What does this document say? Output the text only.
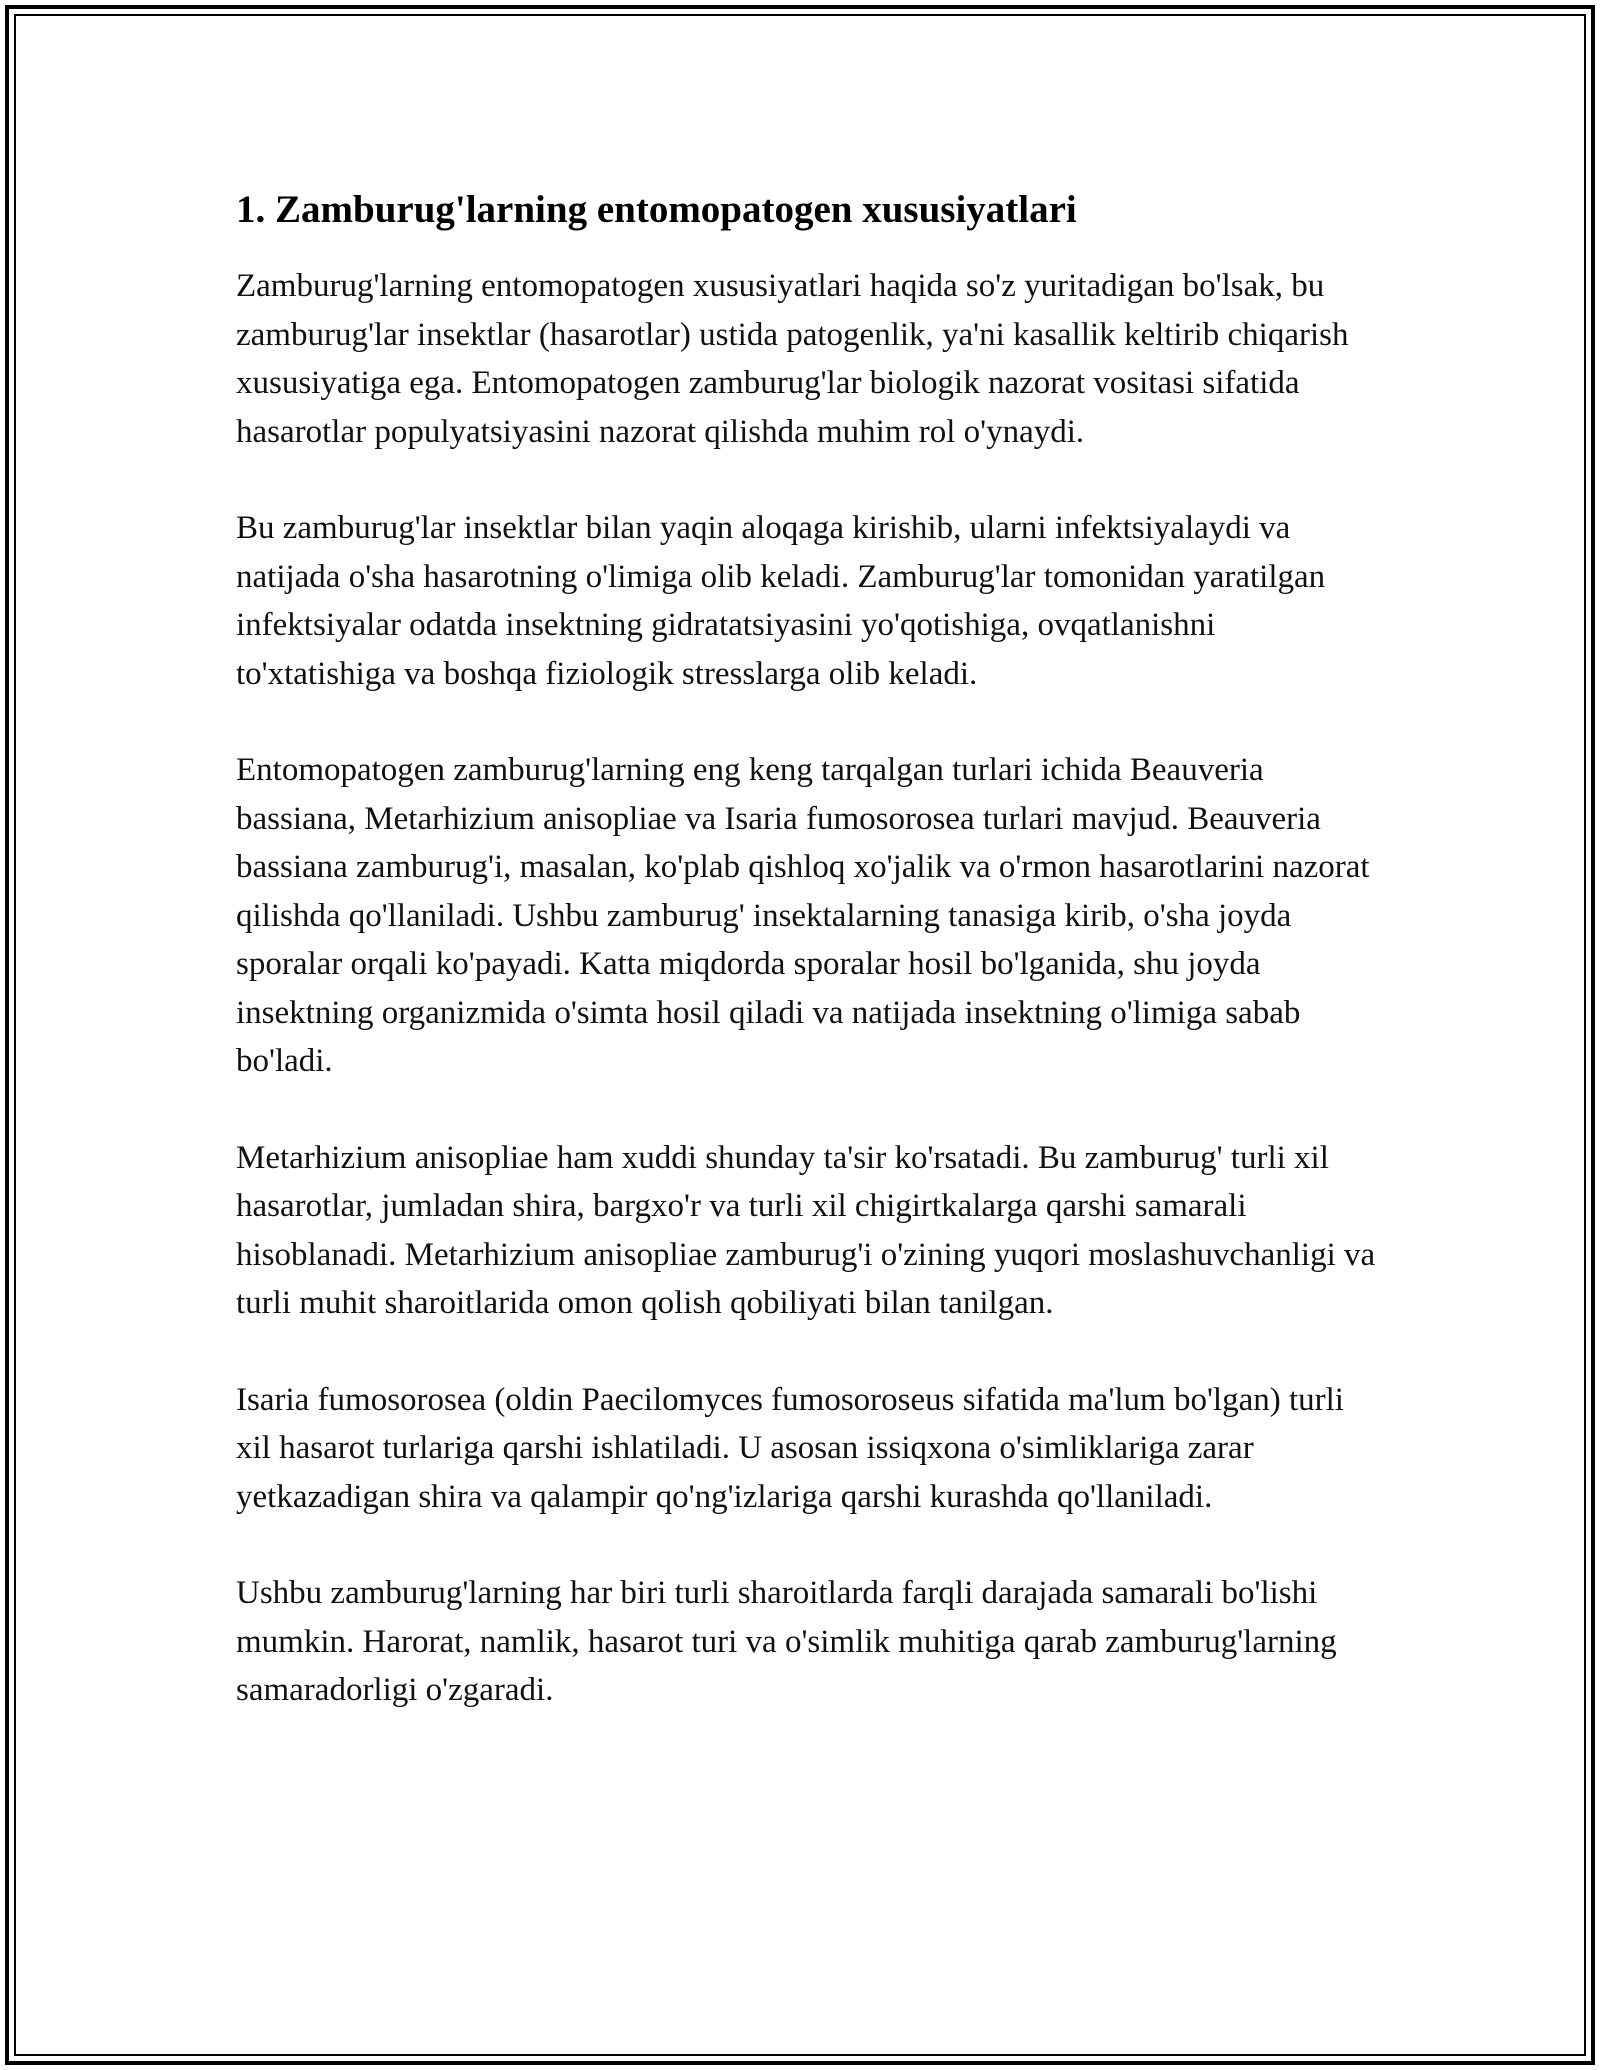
1. Zamburug'larning entomopatogen xususiyatlari

Zamburug'larning entomopatogen xususiyatlari haqida so'z yuritadigan bo'lsak, bu zamburug'lar insektlar (hasarotlar) ustida patogenlik, ya'ni kasallik keltirib chiqarish xususiyatiga ega. Entomopatogen zamburug'lar biologik nazorat vositasi sifatida hasarotlar populyatsiyasini nazorat qilishda muhim rol o'ynaydi.

Bu zamburug'lar insektlar bilan yaqin aloqaga kirishib, ularni infektsiyalaydi va natijada o'sha hasarotning o'limiga olib keladi. Zamburug'lar tomonidan yaratilgan infektsiyalar odatda insektning gidratatsiyasini yo'qotishiga, ovqatlanishni to'xtatishiga va boshqa fiziologik stresslarga olib keladi.

Entomopatogen zamburug'larning eng keng tarqalgan turlari ichida Beauveria bassiana, Metarhizium anisopliae va Isaria fumosorosea turlari mavjud. Beauveria bassiana zamburug'i, masalan, ko'plab qishloq xo'jalik va o'rmon hasarotlarini nazorat qilishda qo'llaniladi. Ushbu zamburug' insektalarning tanasiga kirib, o'sha joyda sporalar orqali ko'payadi. Katta miqdorda sporalar hosil bo'lganida, shu joyda insektning organizmida o'simta hosil qiladi va natijada insektning o'limiga sabab bo'ladi.

Metarhizium anisopliae ham xuddi shunday ta'sir ko'rsatadi. Bu zamburug' turli xil hasarotlar, jumladan shira, bargxo'r va turli xil chigirtkalarga qarshi samarali hisoblanadi. Metarhizium anisopliae zamburug'i o'zining yuqori moslashuvchanligi va turli muhit sharoitlarida omon qolish qobiliyati bilan tanilgan.

Isaria fumosorosea (oldin Paecilomyces fumosoroseus sifatida ma'lum bo'lgan) turli xil hasarot turlariga qarshi ishlatiladi. U asosan issiqxona o'simliklariga zarar yetkazadigan shira va qalampir qo'ng'izlariga qarshi kurashda qo'llaniladi.

Ushbu zamburug'larning har biri turli sharoitlarda farqli darajada samarali bo'lishi mumkin. Harorat, namlik, hasarot turi va o'simlik muhitiga qarab zamburug'larning samaradorligi o'zgaradi.
